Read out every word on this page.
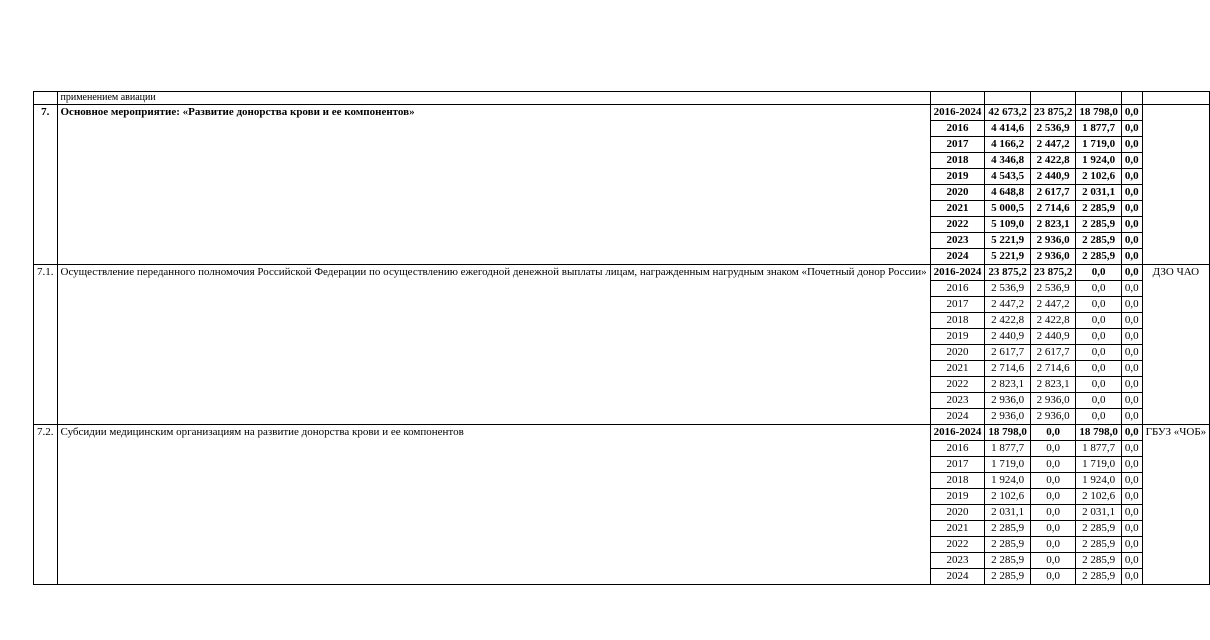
	применением авиации						
7.	Основное мероприятие: «Развитие донорства крови и ее компонентов»	2016-2024	42 673,2	23 875,2	18 798,0	0,0	
		2016	4 414,6	2 536,9	1 877,7	0,0	
		2017	4 166,2	2 447,2	1 719,0	0,0	
		2018	4 346,8	2 422,8	1 924,0	0,0	
		2019	4 543,5	2 440,9	2 102,6	0,0	
		2020	4 648,8	2 617,7	2 031,1	0,0	
		2021	5 000,5	2 714,6	2 285,9	0,0	
		2022	5 109,0	2 823,1	2 285,9	0,0	
		2023	5 221,9	2 936,0	2 285,9	0,0	
		2024	5 221,9	2 936,0	2 285,9	0,0	
7.1.	Осуществление переданного полномочия Российской Федерации по осуществлению ежегодной денежной выплаты лицам, награжденным нагрудным знаком «Почетный донор России»	2016-2024	23 875,2	23 875,2	0,0	0,0	ДЗО ЧАО
		2016	2 536,9	2 536,9	0,0	0,0	
		2017	2 447,2	2 447,2	0,0	0,0	
		2018	2 422,8	2 422,8	0,0	0,0	
		2019	2 440,9	2 440,9	0,0	0,0	
		2020	2 617,7	2 617,7	0,0	0,0	
		2021	2 714,6	2 714,6	0,0	0,0	
		2022	2 823,1	2 823,1	0,0	0,0	
		2023	2 936,0	2 936,0	0,0	0,0	
		2024	2 936,0	2 936,0	0,0	0,0	
7.2.	Субсидии медицинским организациям на развитие донорства крови и ее компонентов	2016-2024	18 798,0	0,0	18 798,0	0,0	ГБУЗ «ЧОБ»
		2016	1 877,7	0,0	1 877,7	0,0	
		2017	1 719,0	0,0	1 719,0	0,0	
		2018	1 924,0	0,0	1 924,0	0,0	
		2019	2 102,6	0,0	2 102,6	0,0	
		2020	2 031,1	0,0	2 031,1	0,0	
		2021	2 285,9	0,0	2 285,9	0,0	
		2022	2 285,9	0,0	2 285,9	0,0	
		2023	2 285,9	0,0	2 285,9	0,0	
		2024	2 285,9	0,0	2 285,9	0,0	
